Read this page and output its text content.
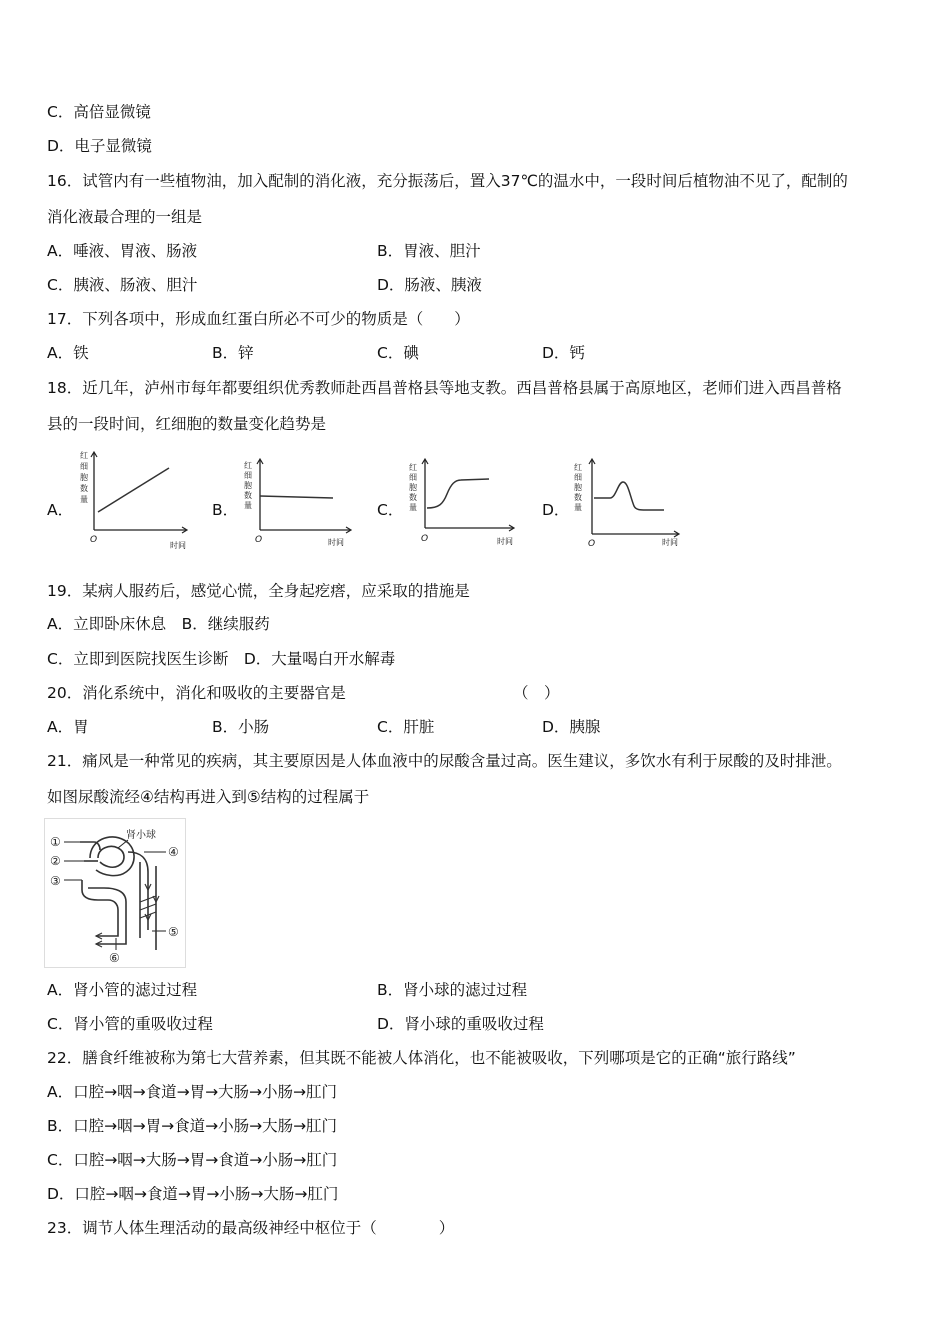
C．高倍显微镜
D．电子显微镜
16．试管内有一些植物油，加入配制的消化液，充分振荡后，置入37℃的温水中，一段时间后植物油不见了，配制的
消化液最合理的一组是
A．唾液、胃液、肠液	B．胃液、胆汁
C．胰液、肠液、胆汁	D．肠液、胰液
17．下列各项中，形成血红蛋白所必不可少的物质是（　　）
A．铁	B．锌	C．碘	D．钙
18．近几年，泸州市每年都要组织优秀教师赴西昌普格县等地支教。西昌普格县属于高原地区，老师们进入西昌普格
县的一段时间，红细胞的数量变化趋势是
A．	B．	C．	D．
红
细
胞
数
量
O
时间
红
细
胞
数
量
O	时间
红
细
胞
数
量
O	时间
红
细
胞
数
量
O	时间
19．某病人服药后，感觉心慌，全身起疙瘩，应采取的措施是
A．立即卧床休息　B．继续服药
C．立即到医院找医生诊断　D．大量喝白开水解毒
20．消化系统中，消化和吸收的主要器官是	（　）
A．胃	B．小肠	C．肝脏	D．胰腺
21．痛风是一种常见的疾病，其主要原因是人体血液中的尿酸含量过高。医生建议，多饮水有利于尿酸的及时排泄。
如图尿酸流经④结构再进入到⑤结构的过程属于
①
②
③
④
⑤
⑥
肾小球
A．肾小管的滤过过程	B．肾小球的滤过过程
C．肾小管的重吸收过程	D．肾小球的重吸收过程
22．膳食纤维被称为第七大营养素，但其既不能被人体消化，也不能被吸收，下列哪项是它的正确“旅行路线”
A．口腔→咽→食道→胃→大肠→小肠→肛门
B．口腔→咽→胃→食道→小肠→大肠→肛门
C．口腔→咽→大肠→胃→食道→小肠→肛门
D．口腔→咽→食道→胃→小肠→大肠→肛门
23．调节人体生理活动的最高级神经中枢位于（　　　　）
